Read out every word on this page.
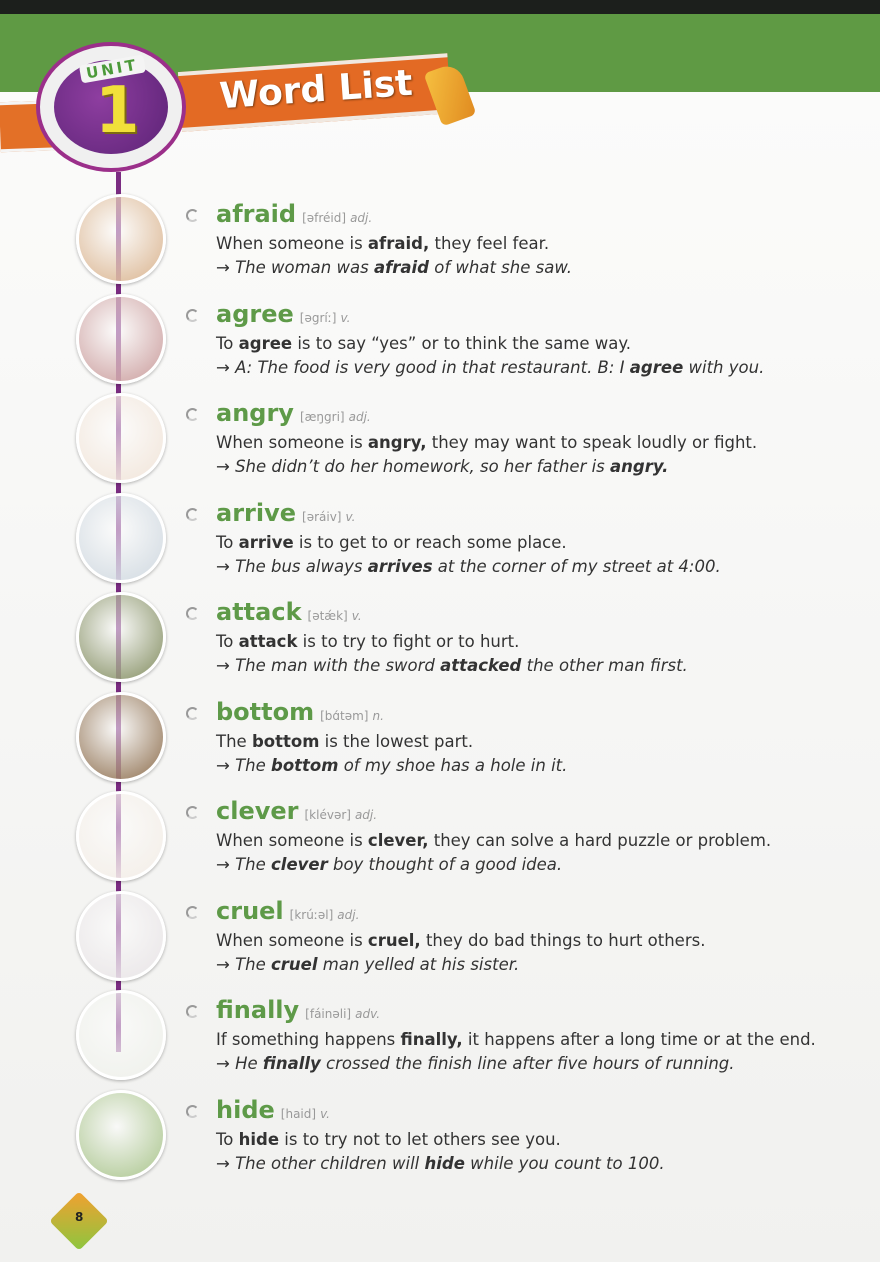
Word List
UNIT
1
afraid [əfréid] adj.
When someone is afraid, they feel fear.
→ The woman was afraid of what she saw.
agree [əgríː] v.
To agree is to say “yes” or to think the same way.
→ A: The food is very good in that restaurant. B: I agree with you.
angry [æŋgri] adj.
When someone is angry, they may want to speak loudly or fight.
→ She didn’t do her homework, so her father is angry.
arrive [əráiv] v.
To arrive is to get to or reach some place.
→ The bus always arrives at the corner of my street at 4:00.
attack [ətǽk] v.
To attack is to try to fight or to hurt.
→ The man with the sword attacked the other man first.
bottom [bɑ́təm] n.
The bottom is the lowest part.
→ The bottom of my shoe has a hole in it.
clever [klévər] adj.
When someone is clever, they can solve a hard puzzle or problem.
→ The clever boy thought of a good idea.
cruel [krúːəl] adj.
When someone is cruel, they do bad things to hurt others.
→ The cruel man yelled at his sister.
finally [fáinəli] adv.
If something happens finally, it happens after a long time or at the end.
→ He finally crossed the finish line after five hours of running.
hide [haid] v.
To hide is to try not to let others see you.
→ The other children will hide while you count to 100.
8
